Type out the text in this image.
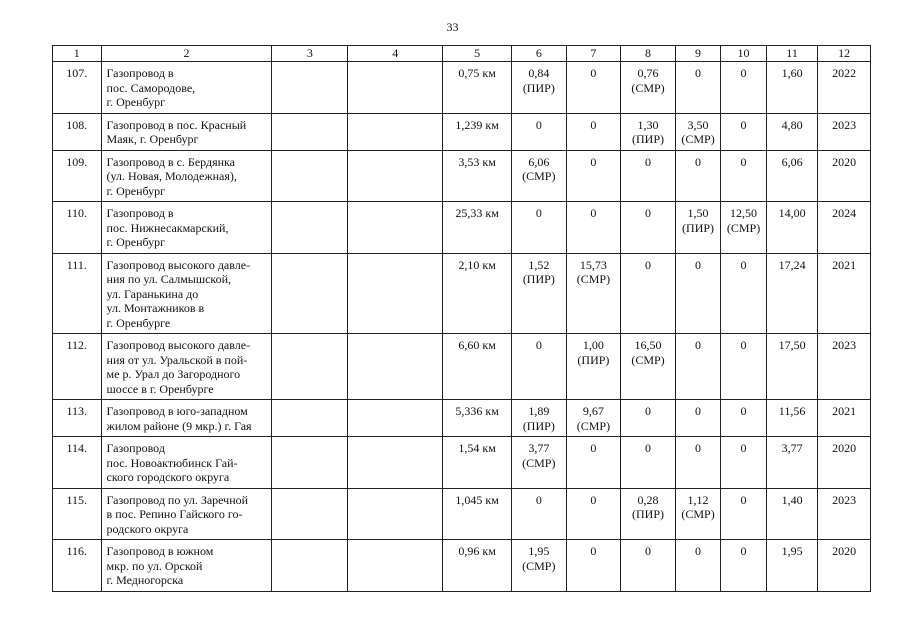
33
1	2	3	4	5	6	7	8	9	10	11	12
107.	Газопровод в
пос. Самородове,
г. Оренбург			0,75 км	0,84
(ПИР)	0	0,76
(СМР)	0	0	1,60	2022
108.	Газопровод в пос. Красный
Маяк, г. Оренбург			1,239 км	0	0	1,30
(ПИР)	3,50
(СМР)	0	4,80	2023
109.	Газопровод в с. Бердянка
(ул. Новая, Молодежная),
г. Оренбург			3,53 км	6,06
(СМР)	0	0	0	0	6,06	2020
110.	Газопровод в
пос. Нижнесакмарский,
г. Оренбург			25,33 км	0	0	0	1,50
(ПИР)	12,50
(СМР)	14,00	2024
111.	Газопровод высокого давле-
ния по ул. Салмышской,
ул. Гаранькина до
ул. Монтажников в
г. Оренбурге			2,10 км	1,52
(ПИР)	15,73
(СМР)	0	0	0	17,24	2021
112.	Газопровод высокого давле-
ния от ул. Уральской в пой-
ме р. Урал до Загородного
шоссе в г. Оренбурге			6,60 км	0	1,00
(ПИР)	16,50
(СМР)	0	0	17,50	2023
113.	Газопровод в юго-западном
жилом районе (9 мкр.) г. Гая			5,336 км	1,89
(ПИР)	9,67
(СМР)	0	0	0	11,56	2021
114.	Газопровод
пос. Новоактюбинск Гай-
ского городского округа			1,54 км	3,77
(СМР)	0	0	0	0	3,77	2020
115.	Газопровод по ул. Заречной
в пос. Репино Гайского го-
родского округа			1,045 км	0	0	0,28
(ПИР)	1,12
(СМР)	0	1,40	2023
116.	Газопровод в южном
мкр. по ул. Орской
г. Медногорска			0,96 км	1,95
(СМР)	0	0	0	0	1,95	2020
